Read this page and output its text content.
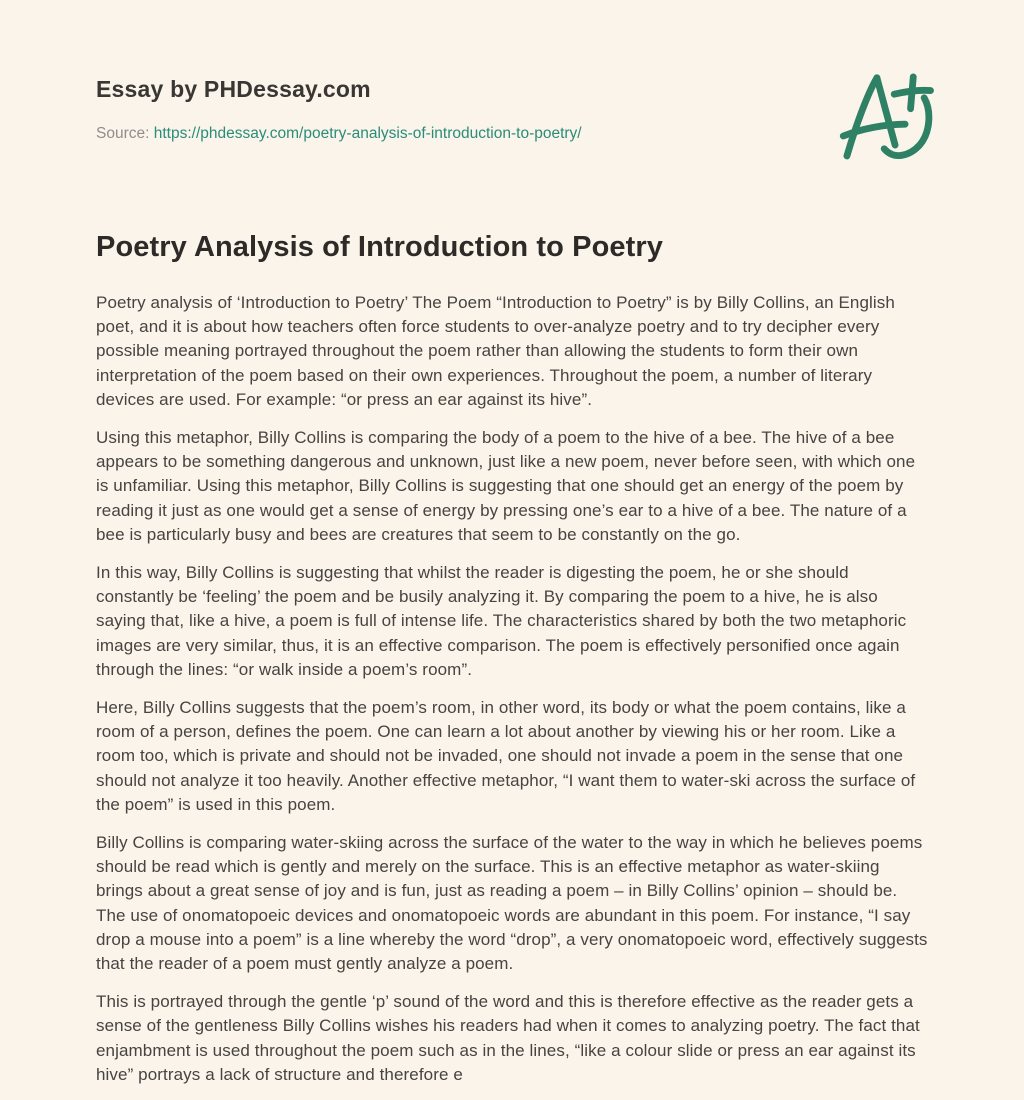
Essay by PHDessay.com
Source: https://phdessay.com/poetry-analysis-of-introduction-to-poetry/
Poetry Analysis of Introduction to Poetry

Poetry analysis of ‘Introduction to Poetry’ The Poem “Introduction to Poetry” is by Billy Collins, an English poet, and it is about how teachers often force students to over-analyze poetry and to try decipher every possible meaning portrayed throughout the poem rather than allowing the students to form their own interpretation of the poem based on their own experiences. Throughout the poem, a number of literary devices are used. For example: “or press an ear against its hive”.

Using this metaphor, Billy Collins is comparing the body of a poem to the hive of a bee. The hive of a bee appears to be something dangerous and unknown, just like a new poem, never before seen, with which one is unfamiliar. Using this metaphor, Billy Collins is suggesting that one should get an energy of the poem by reading it just as one would get a sense of energy by pressing one’s ear to a hive of a bee. The nature of a bee is particularly busy and bees are creatures that seem to be constantly on the go.

In this way, Billy Collins is suggesting that whilst the reader is digesting the poem, he or she should constantly be ‘feeling’ the poem and be busily analyzing it. By comparing the poem to a hive, he is also saying that, like a hive, a poem is full of intense life. The characteristics shared by both the two metaphoric images are very similar, thus, it is an effective comparison. The poem is effectively personified once again through the lines: “or walk inside a poem’s room”.

Here, Billy Collins suggests that the poem’s room, in other word, its body or what the poem contains, like a room of a person, defines the poem. One can learn a lot about another by viewing his or her room. Like a room too, which is private and should not be invaded, one should not invade a poem in the sense that one should not analyze it too heavily. Another effective metaphor, “I want them to water-ski across the surface of the poem” is used in this poem.

Billy Collins is comparing water-skiing across the surface of the water to the way in which he believes poems should be read which is gently and merely on the surface. This is an effective metaphor as water-skiing brings about a great sense of joy and is fun, just as reading a poem – in Billy Collins’ opinion – should be. The use of onomatopoeic devices and onomatopoeic words are abundant in this poem. For instance, “I say drop a mouse into a poem” is a line whereby the word “drop”, a very onomatopoeic word, effectively suggests that the reader of a poem must gently analyze a poem.

This is portrayed through the gentle ‘p’ sound of the word and this is therefore effective as the reader gets a sense of the gentleness Billy Collins wishes his readers had when it comes to analyzing poetry. The fact that enjambment is used throughout the poem such as in the lines, “like a colour slide or press an ear against its hive” portrays a lack of structure and therefore e
